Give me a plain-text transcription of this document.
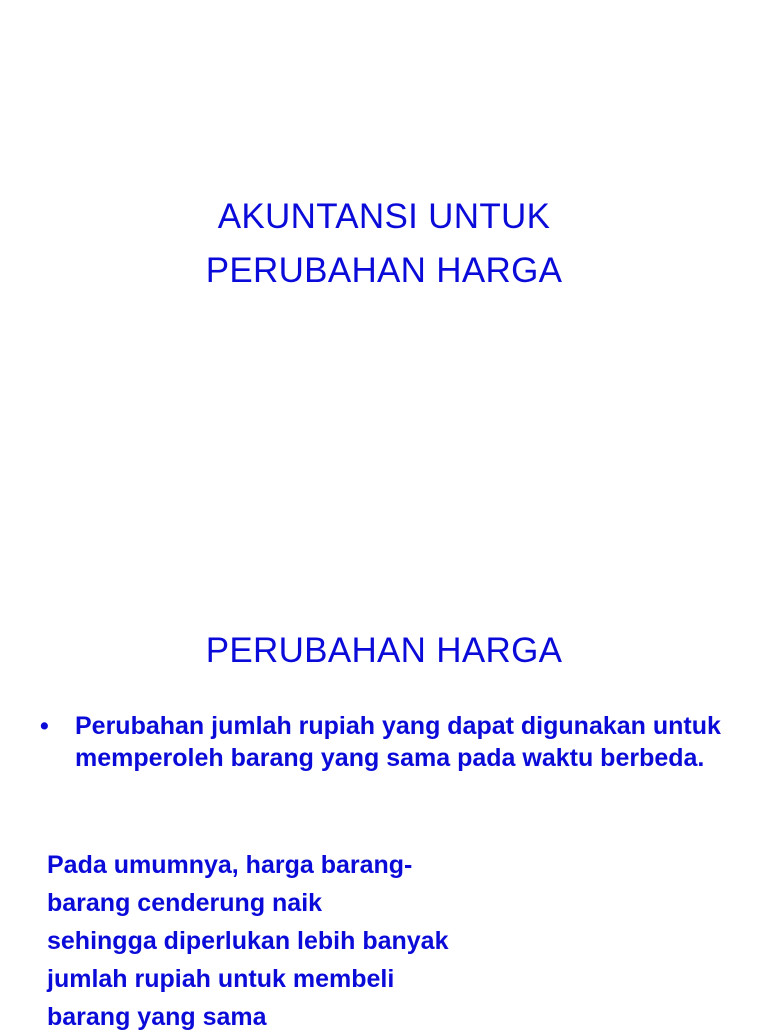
AKUNTANSI UNTUK
PERUBAHAN HARGA
PERUBAHAN HARGA
• Perubahan jumlah rupiah yang dapat digunakan untuk memperoleh barang yang sama pada waktu berbeda.
Pada umumnya, harga barang-
barang cenderung naik
sehingga diperlukan lebih banyak
jumlah rupiah untuk membeli
barang yang sama
